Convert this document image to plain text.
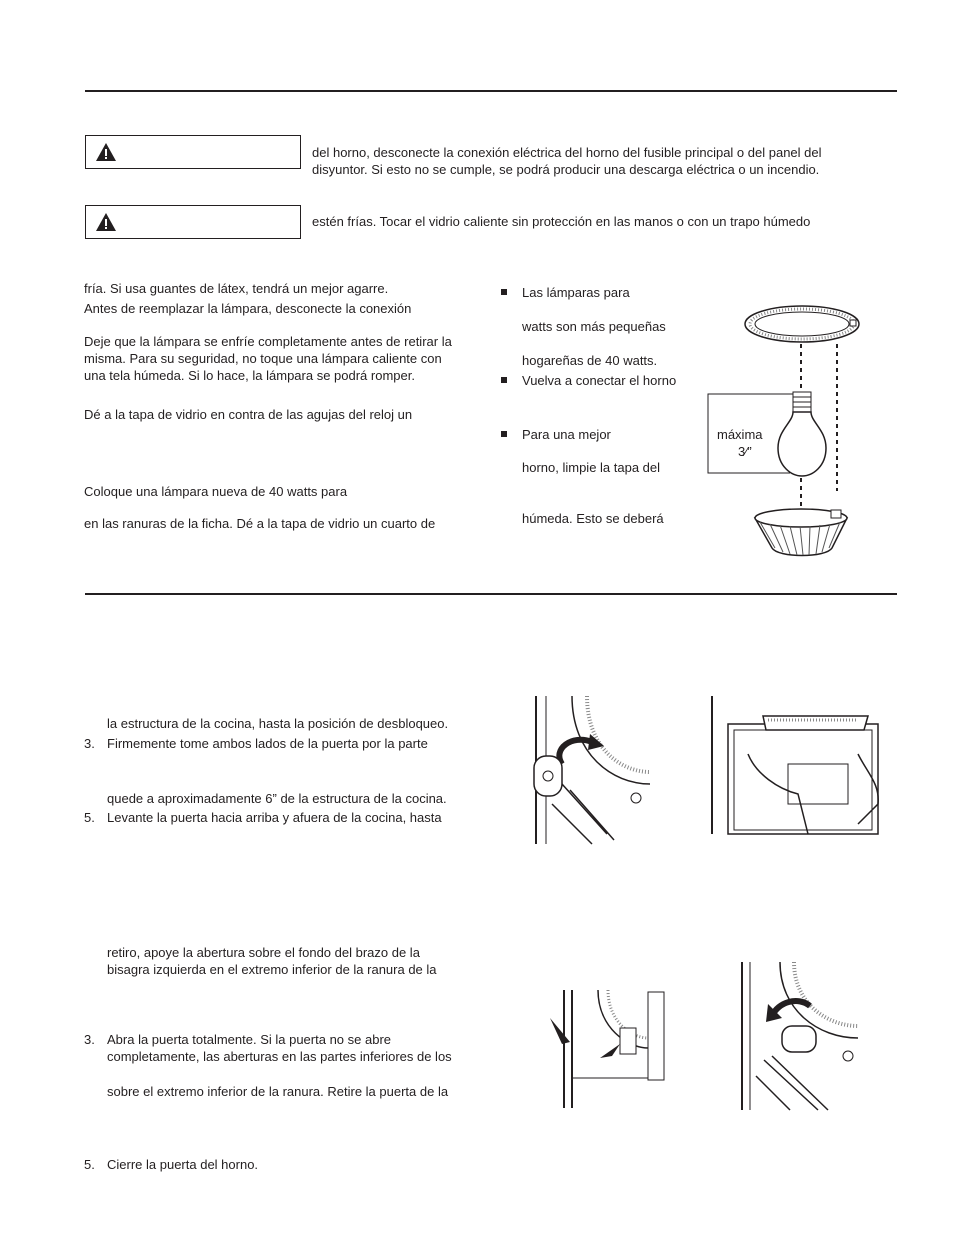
del horno, desconecte la conexión eléctrica del horno del fusible principal o del panel del
disyuntor. Si esto no se cumple, se podrá producir una descarga eléctrica o un incendio.
estén frías. Tocar el vidrio caliente sin protección en las manos o con un trapo húmedo
fría. Si usa guantes de látex, tendrá un mejor agarre.
Antes de reemplazar la lámpara, desconecte la conexión
Deje que la lámpara se enfríe completamente antes de retirar la
misma. Para su seguridad, no toque una lámpara caliente con
una tela húmeda. Si lo hace, la lámpara se podrá romper.
Dé a la tapa de vidrio en contra de las agujas del reloj un
Coloque una lámpara nueva de 40 watts para
en las ranuras de la ficha. Dé a la tapa de vidrio un cuarto de
Las lámparas para
watts son más pequeñas
hogareñas de 40 watts.
Vuelva a conectar el horno
Para una mejor
horno, limpie la tapa del
húmeda. Esto se deberá
máxima
3⁄”
la estructura de la cocina, hasta la posición de desbloqueo.
3. Firmemente tome ambos lados de la puerta por la parte
quede a aproximadamente 6” de la estructura de la cocina.
5. Levante la puerta hacia arriba y afuera de la cocina, hasta
retiro, apoye la abertura sobre el fondo del brazo de la
bisagra izquierda en el extremo inferior de la ranura de la
3. Abra la puerta totalmente. Si la puerta no se abre
completamente, las aberturas en las partes inferiores de los
sobre el extremo inferior de la ranura. Retire la puerta de la
5. Cierre la puerta del horno.
